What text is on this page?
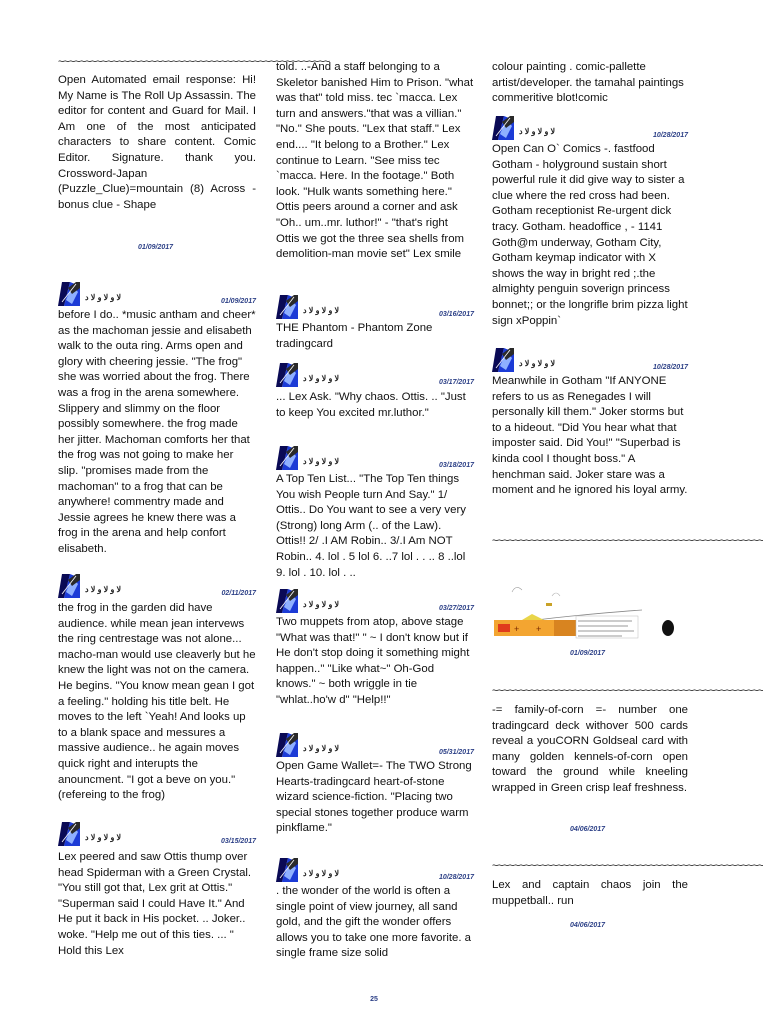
~~~~~~~~~~~~~~~~~~~~~~~~~~~~~~~~~~~~~~~~~~~~~~~~~~

Open Automated email response: Hi! My Name is The Roll Up Assassin. The editor for content and Guard for Mail. I Am one of the most anticipated characters to share content. Comic Editor. Signature. thank you. Crossword-Japan (Puzzle_Clue)=mountain (8) Across - bonus clue - Shape

01/09/2017
ﻻ ﻭ ﻻ ﻭ ﻻ ﺩ	01/09/2017

before I do.. *music antham and cheer* as the machoman jessie and elisabeth walk to the outa ring. Arms open and glory with cheering jessie. "The frog" she was worried about the frog. There was a frog in the arena somewhere. Slippery and slimmy on the floor possibly somewhere. the frog made her jitter. Machoman comforts her that the frog was not going to make her slip. "promises made from the machoman" to a frog that can be anywhere! commentry made and Jessie agrees he knew there was a frog in the arena and help confort elisabeth.

ﻻ ﻭ ﻻ ﻭ ﻻ ﺩ	02/11/2017

the frog in the garden did have audience. while mean jean intervews the ring centrestage was not alone... macho-man would use cleaverly but he knew the light was not on the camera. He begins. "You know mean gean I got a feeling." holding his title belt. He moves to the left `Yeah! And looks up to a blank space and messures a massive audience.. he again moves quick right and interupts the anouncment. "I got a beve on you." (refereing to the frog)

ﻻ ﻭ ﻻ ﻭ ﻻ ﺩ	03/15/2017

Lex peered and saw Ottis thump over head Spiderman with a Green Crystal. "You still got that, Lex grit at Ottis." "Superman said I could Have It." And He put it back in His pocket. .. Joker.. woke. "Help me out of this ties. ... " Hold this Lex

told. ..-And a staff belonging to a Skeletor banished Him to Prison. "what was that" told miss. tec `macca. Lex turn and answers."that was a villian." "No." She pouts. "Lex that staff." Lex end.... "It belong to a Brother." Lex continue to Learn. "See miss tec `macca. Here. In the footage." Both look. "Hulk wants something here." Ottis peers around a corner and ask "Oh.. um..mr. luthor!" - "that's right Ottis we got the three sea shells from demolition-man movie set" Lex smile

ﻻ ﻭ ﻻ ﻭ ﻻ ﺩ	03/16/2017

THE Phantom - Phantom Zone tradingcard

ﻻ ﻭ ﻻ ﻭ ﻻ ﺩ	03/17/2017

... Lex Ask. "Why chaos. Ottis. .. "Just to keep You excited mr.luthor."

ﻻ ﻭ ﻻ ﻭ ﻻ ﺩ	03/18/2017

A Top Ten List... "The Top Ten things You wish People turn And Say." 1/ Ottis.. Do You want to see a very very (Strong) long Arm (.. of the Law). Ottis!! 2/ .I AM Robin.. 3/.I Am NOT Robin.. 4. lol . 5 lol 6. ..7 lol . . .. 8 ..lol 9. lol . 10. lol . ..

ﻻ ﻭ ﻻ ﻭ ﻻ ﺩ	03/27/2017

Two muppets from atop, above stage "What was that!" " ~ I don't know but if He don't stop doing it something might happen.." "Like what~" Oh-God knows." ~ both wriggle in tie "whlat..ho'w d" "Help!!"

ﻻ ﻭ ﻻ ﻭ ﻻ ﺩ	05/31/2017

Open Game Wallet=- The TWO Strong Hearts-tradingcard heart-of-stone wizard science-fiction. "Placing two special stones together produce warm pinkflame."

ﻻ ﻭ ﻻ ﻭ ﻻ ﺩ	10/28/2017

. the wonder of the world is often a single point of view journey, all sand gold, and the gift the wonder offers allows you to take one more favorite. a single frame size solid

colour painting . comic-pallette artist/developer. the tamahal paintings commeritive blot!comic

ﻻ ﻭ ﻻ ﻭ ﻻ ﺩ	10/28/2017

Open Can O` Comics -. fastfood Gotham - holyground sustain short powerful rule it did give way to sister a clue where the red cross had been. Gotham receptionist Re-urgent dick tracy. Gotham. headoffice , - 1141 Goth@m underway, Gotham City, Gotham keymap indicator with X shows the way in bright red ;.the almighty penguin soverign princess bonnet;; or the longrifle brim pizza light sign xPoppin`

ﻻ ﻭ ﻻ ﻭ ﻻ ﺩ	10/28/2017

Meanwhile in Gotham "If ANYONE refers to us as Renegades I will personally kill them." Joker storms but to a hideout. "Did You hear what that imposter said. Did You!" "Superbad is kinda cool I thought boss." A henchman said. Joker stare was a moment and he ignored his loyal army.

~~~~~~~~~~~~~~~~~~~~~~~~~~~~~~~~~~~~~~~~~~~~~~~~~~
+ +
01/09/2017
~~~~~~~~~~~~~~~~~~~~~~~~~~~~~~~~~~~~~~~~~~~~~~~~~~

-= family-of-corn =- number one tradingcard deck withover 500 cards reveal a youCORN Goldseal card with many golden kennels-of-corn open toward the ground while kneeling wrapped in Green crisp leaf freshness.

04/06/2017
~~~~~~~~~~~~~~~~~~~~~~~~~~~~~~~~~~~~~~~~~~~~~~~~~~

Lex and captain chaos join the muppetball.. run

04/06/2017
25
